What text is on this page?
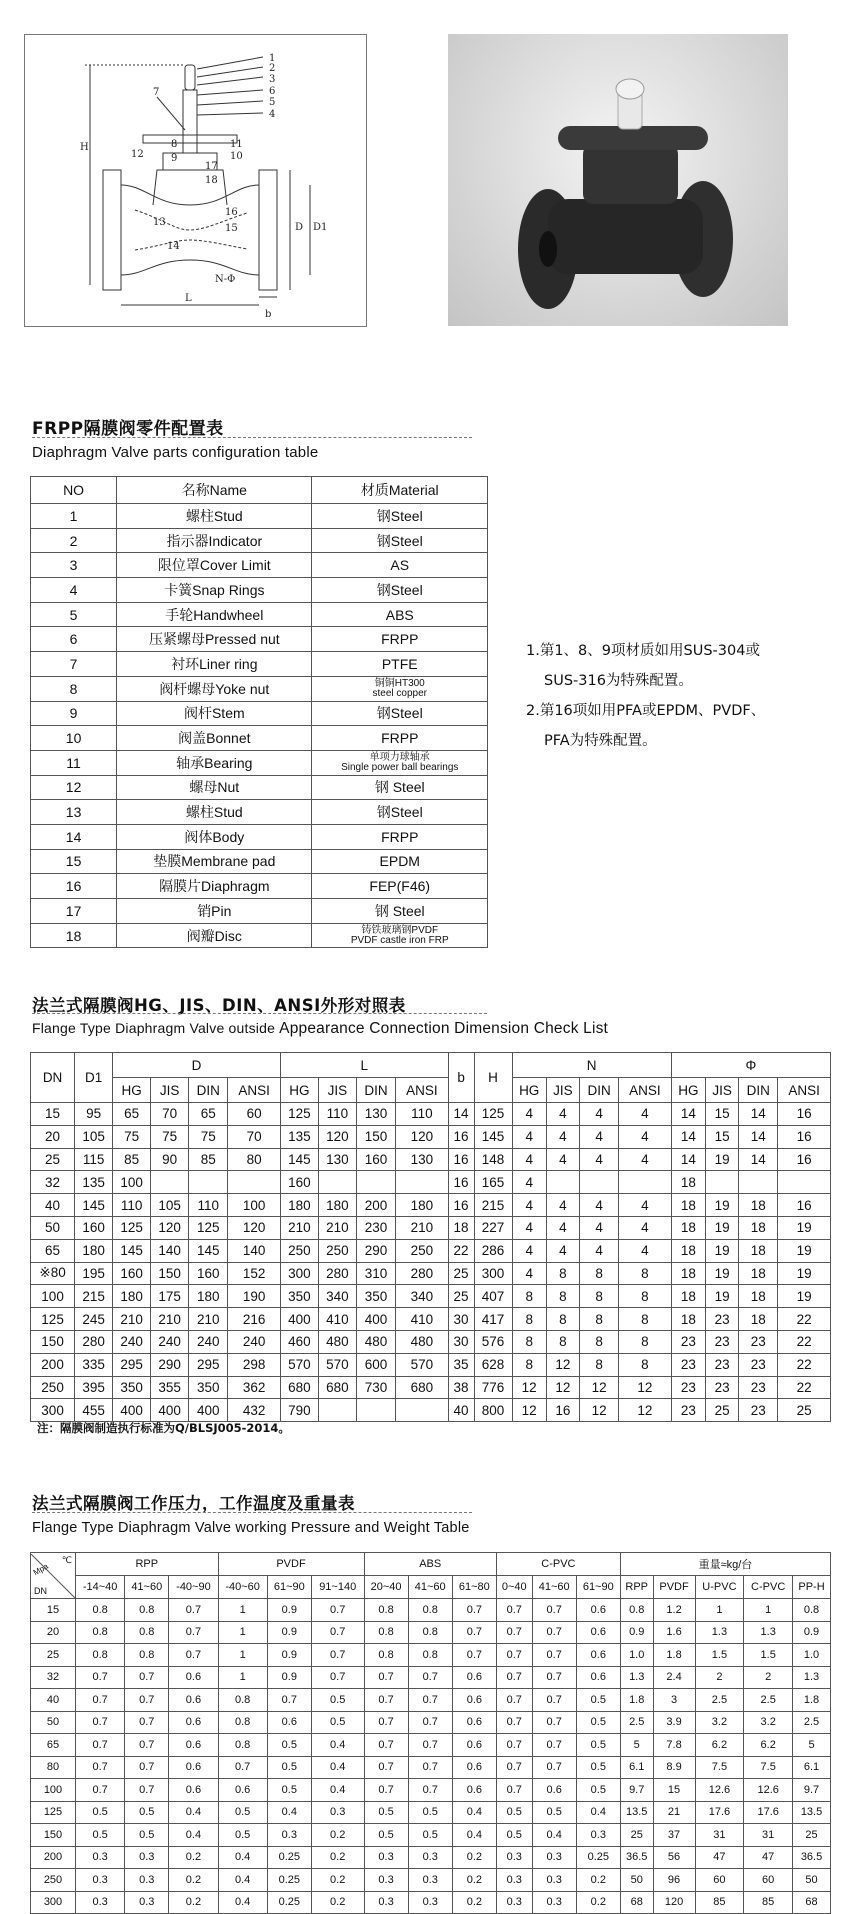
1
2
3
6
5
4
7
8
9
11
10
12
17
18
13
16
15
14
H
D D1
L
b
N-Φ
FRPP隔膜阀零件配置表
Diaphragm Valve parts configuration table
NO	名称Name	材质Material
1	螺柱Stud	钢Steel
2	指示器Indicator	钢Steel
3	限位罩Cover Limit	AS
4	卡簧Snap Rings	钢Steel
5	手轮Handwheel	ABS
6	压紧螺母Pressed nut	FRPP
7	衬环Liner ring	PTFE
8	阀杆螺母Yoke nut	铜铜HT300
steel copper

9	阀杆Stem	钢Steel
10	阀盖Bonnet	FRPP
11	轴承Bearing	单项力球轴承
Single power ball bearings

12	螺母Nut	钢 Steel
13	螺柱Stud	钢Steel
14	阀体Body	FRPP
15	垫膜Membrane pad	EPDM
16	隔膜片Diaphragm	FEP(F46)
17	销Pin	钢 Steel
18	阀瓣Disc	铸铁玻璃钢PVDF
PVDF castle iron FRP
1.第1、8、9项材质如用SUS-304或
SUS-316为特殊配置。
2.第16项如用PFA或EPDM、PVDF、
PFA为特殊配置。
法兰式隔膜阀HG、JIS、DIN、ANSI外形对照表
Flange Type Diaphragm Valve outside Appearance Connection Dimension Check List
DN	D1	D				L				b	H	N				Φ			
		HG	JIS	DIN	ANSI	HG	JIS	DIN	ANSI			HG	JIS	DIN	ANSI	HG	JIS	DIN	ANSI
15	95	65	70	65	60	125	110	130	110	14	125	4	4	4	4	14	15	14	16
20	105	75	75	75	70	135	120	150	120	16	145	4	4	4	4	14	15	14	16
25	115	85	90	85	80	145	130	160	130	16	148	4	4	4	4	14	19	14	16
32	135	100				160				16	165	4				18			
40	145	110	105	110	100	180	180	200	180	16	215	4	4	4	4	18	19	18	16
50	160	125	120	125	120	210	210	230	210	18	227	4	4	4	4	18	19	18	19
65	180	145	140	145	140	250	250	290	250	22	286	4	4	4	4	18	19	18	19
※80	195	160	150	160	152	300	280	310	280	25	300	4	8	8	8	18	19	18	19
100	215	180	175	180	190	350	340	350	340	25	407	8	8	8	8	18	19	18	19
125	245	210	210	210	216	400	410	400	410	30	417	8	8	8	8	18	23	18	22
150	280	240	240	240	240	460	480	480	480	30	576	8	8	8	8	23	23	23	22
200	335	295	290	295	298	570	570	600	570	35	628	8	12	8	8	23	23	23	22
250	395	350	355	350	362	680	680	730	680	38	776	12	12	12	12	23	23	23	22
300	455	400	400	400	432	790				40	800	12	16	12	12	23	25	23	25
注：隔膜阀制造执行标准为Q/BLSJ005-2014。
法兰式隔膜阀工作压力，工作温度及重量表
Flange Type Diaphragm Valve working Pressure and Weight Table
℃
Mpa
DN	RPP			PVDF			ABS			C-PVC			重量≈kg/台				
	-14~40	41~60	-40~90	-40~60	61~90	91~140	20~40	41~60	61~80	0~40	41~60	61~90	RPP	PVDF	U-PVC	C-PVC	PP-H
15	0.8	0.8	0.7	1	0.9	0.7	0.8	0.8	0.7	0.7	0.7	0.6	0.8	1.2	1	1	0.8
20	0.8	0.8	0.7	1	0.9	0.7	0.8	0.8	0.7	0.7	0.7	0.6	0.9	1.6	1.3	1.3	0.9
25	0.8	0.8	0.7	1	0.9	0.7	0.8	0.8	0.7	0.7	0.7	0.6	1.0	1.8	1.5	1.5	1.0
32	0.7	0.7	0.6	1	0.9	0.7	0.7	0.7	0.6	0.7	0.7	0.6	1.3	2.4	2	2	1.3
40	0.7	0.7	0.6	0.8	0.7	0.5	0.7	0.7	0.6	0.7	0.7	0.5	1.8	3	2.5	2.5	1.8
50	0.7	0.7	0.6	0.8	0.6	0.5	0.7	0.7	0.6	0.7	0.7	0.5	2.5	3.9	3.2	3.2	2.5
65	0.7	0.7	0.6	0.8	0.5	0.4	0.7	0.7	0.6	0.7	0.7	0.5	5	7.8	6.2	6.2	5
80	0.7	0.7	0.6	0.7	0.5	0.4	0.7	0.7	0.6	0.7	0.7	0.5	6.1	8.9	7.5	7.5	6.1
100	0.7	0.7	0.6	0.6	0.5	0.4	0.7	0.7	0.6	0.7	0.6	0.5	9.7	15	12.6	12.6	9.7
125	0.5	0.5	0.4	0.5	0.4	0.3	0.5	0.5	0.4	0.5	0.5	0.4	13.5	21	17.6	17.6	13.5
150	0.5	0.5	0.4	0.5	0.3	0.2	0.5	0.5	0.4	0.5	0.4	0.3	25	37	31	31	25
200	0.3	0.3	0.2	0.4	0.25	0.2	0.3	0.3	0.2	0.3	0.3	0.25	36.5	56	47	47	36.5
250	0.3	0.3	0.2	0.4	0.25	0.2	0.3	0.3	0.2	0.3	0.3	0.2	50	96	60	60	50
300	0.3	0.3	0.2	0.4	0.25	0.2	0.3	0.3	0.2	0.3	0.3	0.2	68	120	85	85	68
